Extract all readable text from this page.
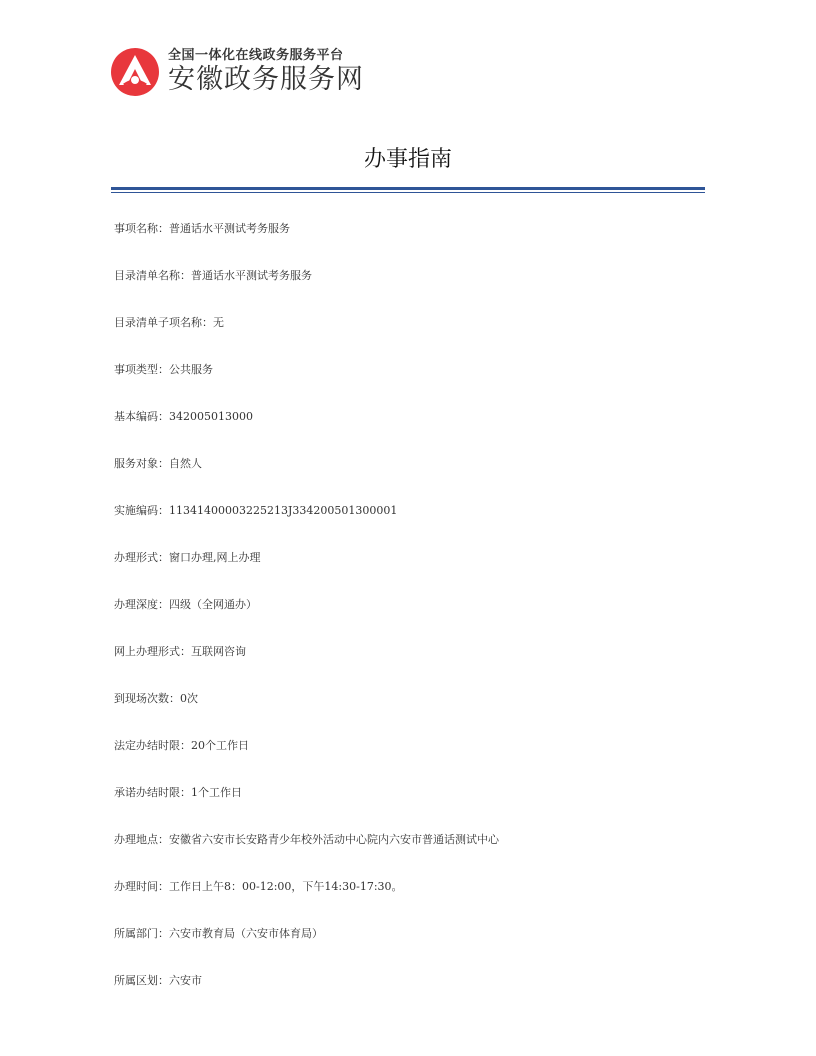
全国一体化在线政务服务平台
安徽政务服务网
办事指南
事项名称：普通话水平测试考务服务
目录清单名称：普通话水平测试考务服务
目录清单子项名称：无
事项类型：公共服务
基本编码：342005013000
服务对象：自然人
实施编码：11341400003225213J334200501300001
办理形式：窗口办理,网上办理
办理深度：四级（全网通办）
网上办理形式：互联网咨询
到现场次数：0次
法定办结时限：20个工作日
承诺办结时限：1个工作日
办理地点：安徽省六安市长安路青少年校外活动中心院内六安市普通话测试中心
办理时间：工作日上午8：00-12:00，下午14:30-17:30。
所属部门：六安市教育局（六安市体育局）
所属区划：六安市
